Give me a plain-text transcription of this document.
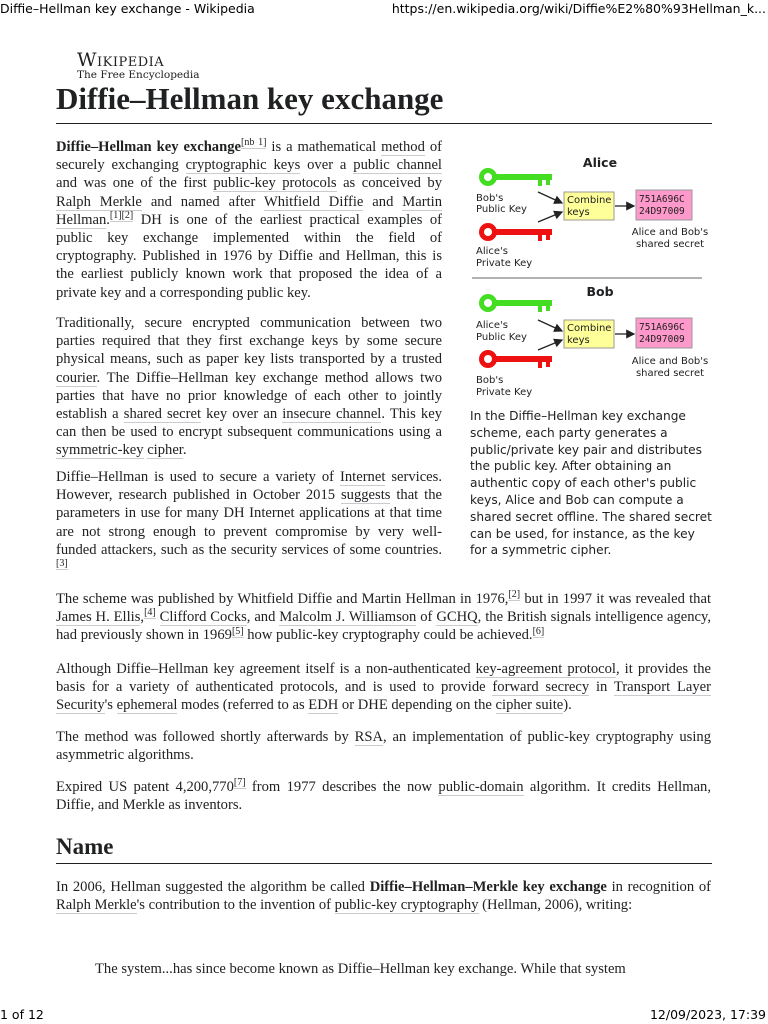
Diffie–Hellman key exchange - Wikipedia	https://en.wikipedia.org/wiki/Diffie%E2%80%93Hellman_k...
Wikipedia
The Free Encyclopedia
Diffie–Hellman key exchange

Diffie–Hellman key exchange[nb 1] is a mathematical method of securely exchanging cryptographic keys over a public channel and was one of the first public-key protocols as conceived by Ralph Merkle and named after Whitfield Diffie and Martin Hellman.[1][2] DH is one of the earliest practical examples of public key exchange implemented within the field of cryptography. Published in 1976 by Diffie and Hellman, this is the earliest publicly known work that proposed the idea of a private key and a corresponding public key.

Traditionally, secure encrypted communication between two parties required that they first exchange keys by some secure physical means, such as paper key lists transported by a trusted courier. The Diffie–Hellman key exchange method allows two parties that have no prior knowledge of each other to jointly establish a shared secret key over an insecure channel. This key can then be used to encrypt subsequent communications using a symmetric-key cipher.

Diffie–Hellman is used to secure a variety of Internet services. However, research published in October 2015 suggests that the parameters in use for many DH Internet applications at that time are not strong enough to prevent compromise by very well-funded attackers, such as the security services of some countries.[3]

Alice
Bob's
Public Key
Alice's
Private Key
Combine
keys
751A696C
24D97009
Alice and Bob's
shared secret
Bob
Alice's
Public Key
Bob's
Private Key
Combine
keys
751A696C
24D97009
Alice and Bob's
shared secret
In the Diffie–Hellman key exchange scheme, each party generates a public/private key pair and distributes the public key. After obtaining an authentic copy of each other's public keys, Alice and Bob can compute a shared secret offline. The shared secret can be used, for instance, as the key for a symmetric cipher.

The scheme was published by Whitfield Diffie and Martin Hellman in 1976,[2] but in 1997 it was revealed that James H. Ellis,[4] Clifford Cocks, and Malcolm J. Williamson of GCHQ, the British signals intelligence agency, had previously shown in 1969[5] how public-key cryptography could be achieved.[6]

Although Diffie–Hellman key agreement itself is a non-authenticated key-agreement protocol, it provides the basis for a variety of authenticated protocols, and is used to provide forward secrecy in Transport Layer Security's ephemeral modes (referred to as EDH or DHE depending on the cipher suite).

The method was followed shortly afterwards by RSA, an implementation of public-key cryptography using asymmetric algorithms.

Expired US patent 4,200,770[7] from 1977 describes the now public-domain algorithm. It credits Hellman, Diffie, and Merkle as inventors.

Name

In 2006, Hellman suggested the algorithm be called Diffie–Hellman–Merkle key exchange in recognition of Ralph Merkle's contribution to the invention of public-key cryptography (Hellman, 2006), writing:

The system...has since become known as Diffie–Hellman key exchange. While that system
1 of 12	12/09/2023, 17:39
